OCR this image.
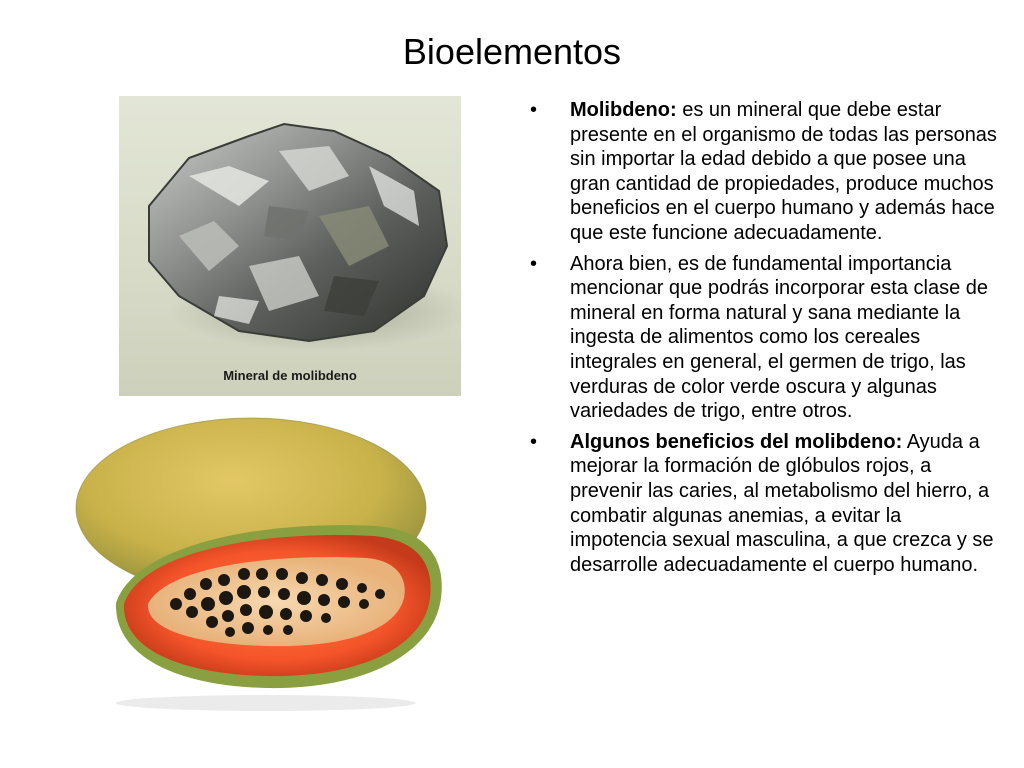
Bioelementos
Mineral de molibdeno
•	Molibdeno: es un mineral que debe estar presente en el organismo de todas las personas sin importar la edad debido a que posee una gran cantidad de propiedades, produce muchos beneficios en el cuerpo humano y además hace que este funcione adecuadamente.
•	Ahora bien, es de fundamental importancia mencionar que podrás incorporar esta clase de mineral en forma natural y sana mediante la ingesta de alimentos como los cereales integrales en general, el germen de trigo, las verduras de color verde oscura y algunas variedades de trigo, entre otros.
•	Algunos beneficios del molibdeno: Ayuda a mejorar la formación de glóbulos rojos, a prevenir las caries, al metabolismo del hierro, a combatir algunas anemias, a evitar la impotencia sexual masculina, a que crezca y se desarrolle adecuadamente el cuerpo humano.
